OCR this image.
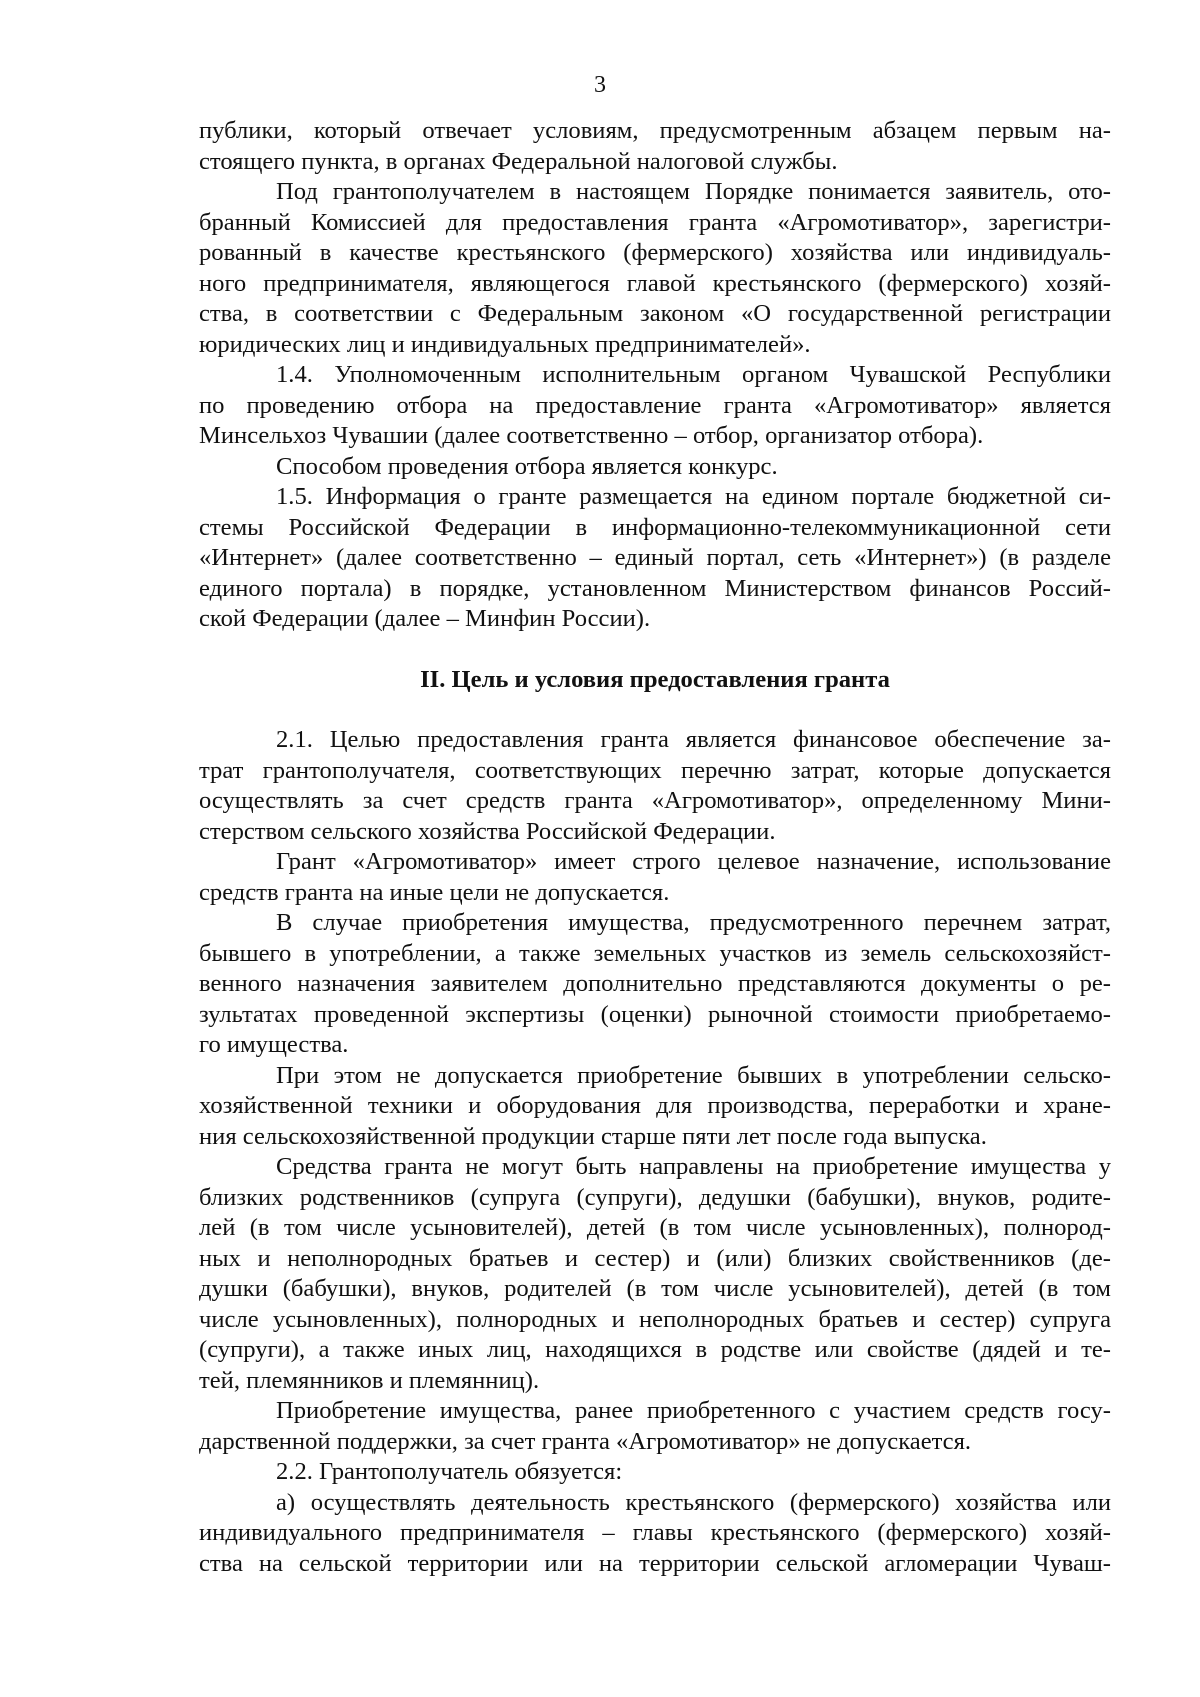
3
публики, который отвечает условиям, предусмотренным абзацем первым на-
стоящего пункта, в органах Федеральной налоговой службы.
Под грантополучателем в настоящем Порядке понимается заявитель, ото-
бранный Комиссией для предоставления гранта «Агромотиватор», зарегистри-
рованный в качестве крестьянского (фермерского) хозяйства или индивидуаль-
ного предпринимателя, являющегося главой крестьянского (фермерского) хозяй-
ства, в соответствии с Федеральным законом «О государственной регистрации
юридических лиц и индивидуальных предпринимателей».
1.4. Уполномоченным исполнительным органом Чувашской Республики
по проведению отбора на предоставление гранта «Агромотиватор» является
Минсельхоз Чувашии (далее соответственно – отбор, организатор отбора).
Способом проведения отбора является конкурс.
1.5. Информация о гранте размещается на едином портале бюджетной си-
стемы Российской Федерации в информационно-телекоммуникационной сети
«Интернет» (далее соответственно – единый портал, сеть «Интернет») (в разделе
единого портала) в порядке, установленном Министерством финансов Россий-
ской Федерации (далее – Минфин России).
II. Цель и условия предоставления гранта
2.1. Целью предоставления гранта является финансовое обеспечение за-
трат грантополучателя, соответствующих перечню затрат, которые допускается
осуществлять за счет средств гранта «Агромотиватор», определенному Мини-
стерством сельского хозяйства Российской Федерации.
Грант «Агромотиватор» имеет строго целевое назначение, использование
средств гранта на иные цели не допускается.
В случае приобретения имущества, предусмотренного перечнем затрат,
бывшего в употреблении, а также земельных участков из земель сельскохозяйст-
венного назначения заявителем дополнительно представляются документы о ре-
зультатах проведенной экспертизы (оценки) рыночной стоимости приобретаемо-
го имущества.
При этом не допускается приобретение бывших в употреблении сельско-
хозяйственной техники и оборудования для производства, переработки и хране-
ния сельскохозяйственной продукции старше пяти лет после года выпуска.
Средства гранта не могут быть направлены на приобретение имущества у
близких родственников (супруга (супруги), дедушки (бабушки), внуков, родите-
лей (в том числе усыновителей), детей (в том числе усыновленных), полнород-
ных и неполнородных братьев и сестер) и (или) близких свойственников (де-
душки (бабушки), внуков, родителей (в том числе усыновителей), детей (в том
числе усыновленных), полнородных и неполнородных братьев и сестер) супруга
(супруги), а также иных лиц, находящихся в родстве или свойстве (дядей и те-
тей, племянников и племянниц).
Приобретение имущества, ранее приобретенного с участием средств госу-
дарственной поддержки, за счет гранта «Агромотиватор» не допускается.
2.2. Грантополучатель обязуется:
а) осуществлять деятельность крестьянского (фермерского) хозяйства или
индивидуального предпринимателя – главы крестьянского (фермерского) хозяй-
ства на сельской территории или на территории сельской агломерации Чуваш-
